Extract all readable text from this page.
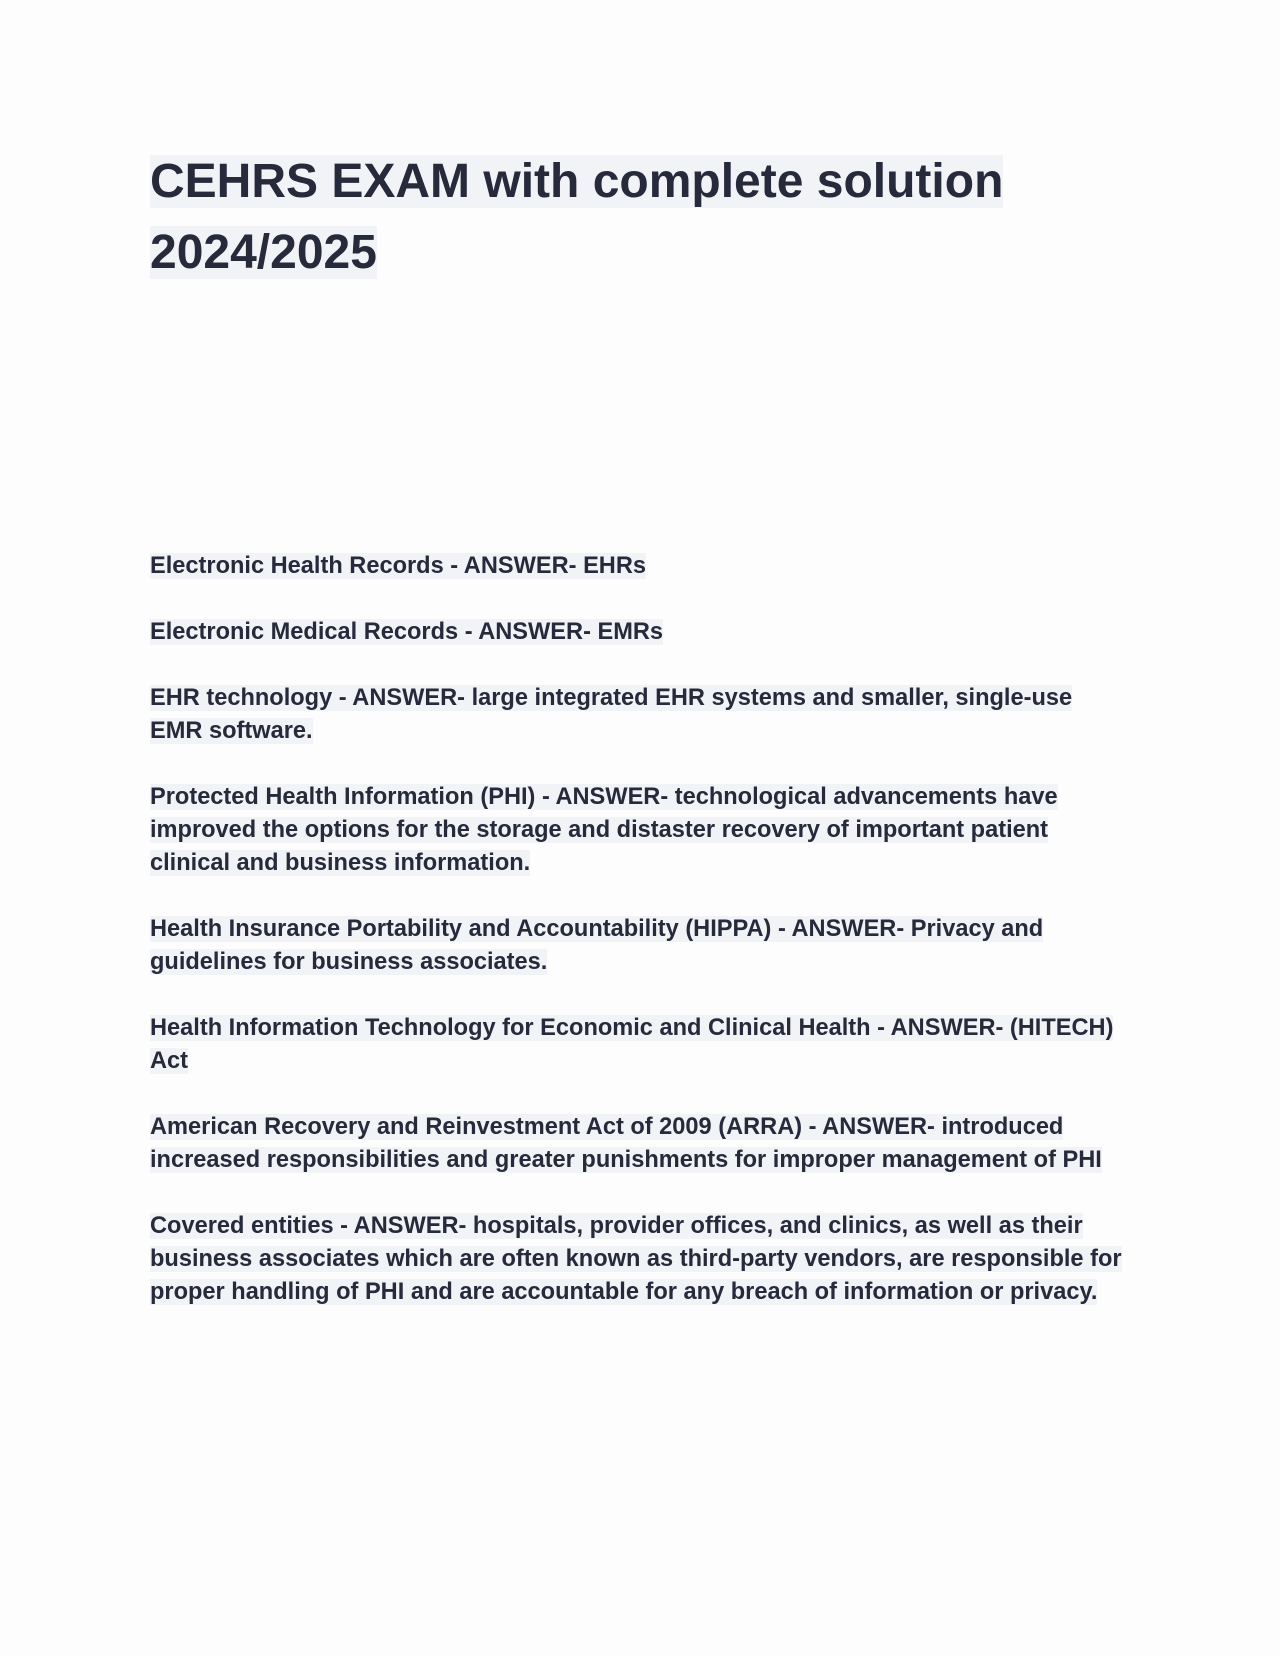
CEHRS EXAM with complete solution 2024/2025
Electronic Health Records - ANSWER- EHRs
Electronic Medical Records - ANSWER- EMRs
EHR technology - ANSWER- large integrated EHR systems and smaller, single-use EMR software.
Protected Health Information (PHI) - ANSWER- technological advancements have improved the options for the storage and distaster recovery of important patient clinical and business information.
Health Insurance Portability and Accountability (HIPPA) - ANSWER- Privacy and guidelines for business associates.
Health Information Technology for Economic and Clinical Health - ANSWER- (HITECH) Act
American Recovery and Reinvestment Act of 2009 (ARRA) - ANSWER- introduced increased responsibilities and greater punishments for improper management of PHI
Covered entities - ANSWER- hospitals, provider offices, and clinics, as well as their business associates which are often known as third-party vendors, are responsible for proper handling of PHI and are accountable for any breach of information or privacy.
